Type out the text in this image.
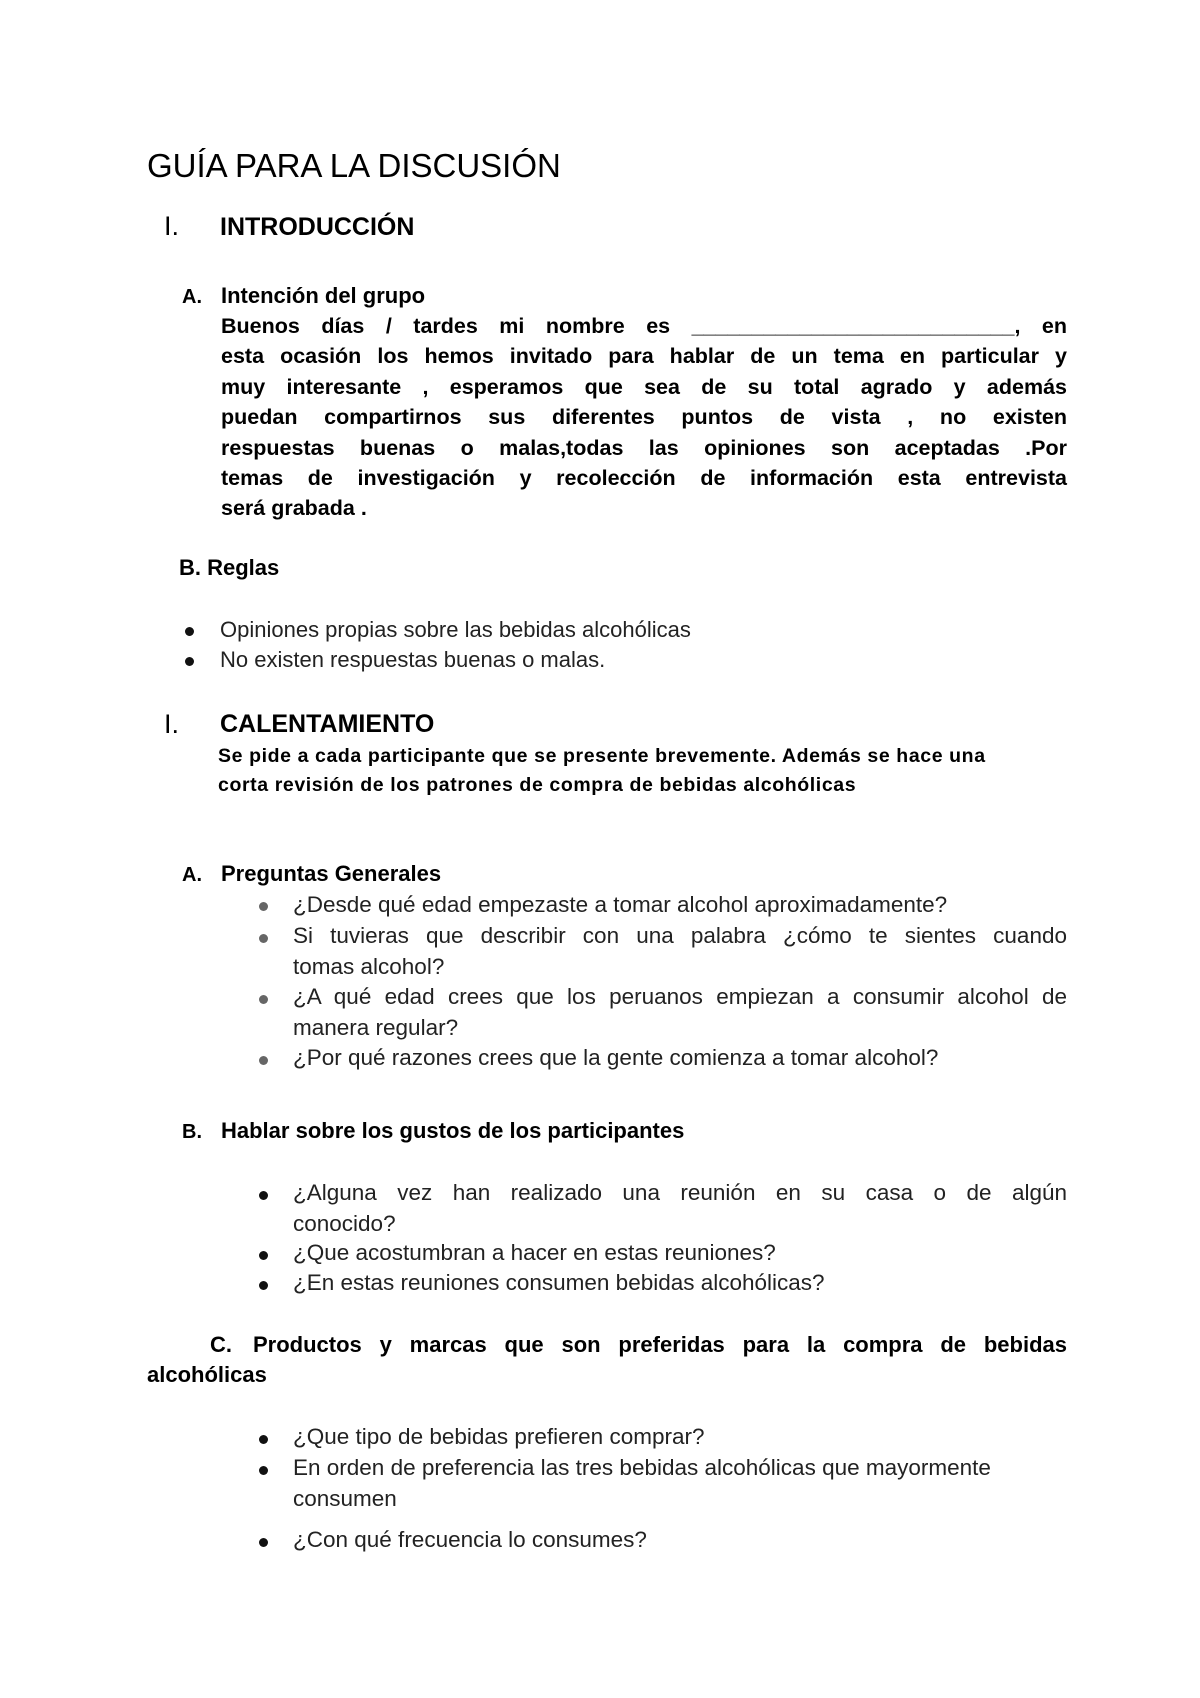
GUÍA PARA LA DISCUSIÓN
I. INTRODUCCIÓN
A. Intención del grupo
Buenos días / tardes mi nombre es ___________________________, en
esta ocasión los hemos invitado para hablar de un tema en particular y
muy interesante , esperamos que sea de su total agrado y además
puedan compartirnos sus diferentes puntos de vista , no existen
respuestas buenas o malas,todas las opiniones son aceptadas .Por
temas de investigación y recolección de información esta entrevista
será grabada .
B. Reglas
Opiniones propias sobre las bebidas alcohólicas
No existen respuestas buenas o malas.
I. CALENTAMIENTO
Se pide a cada participante que se presente brevemente. Además se hace una
corta revisión de los patrones de compra de bebidas alcohólicas
A. Preguntas Generales
¿Desde qué edad empezaste a tomar alcohol aproximadamente?
Si tuvieras que describir con una palabra ¿cómo te sientes cuando
tomas alcohol?
¿A qué edad crees que los peruanos empiezan a consumir alcohol de
manera regular?
¿Por qué razones crees que la gente comienza a tomar alcohol?
B. Hablar sobre los gustos de los participantes
¿Alguna vez han realizado una reunión en su casa o de algún
conocido?
¿Que acostumbran a hacer en estas reuniones?
¿En estas reuniones consumen bebidas alcohólicas?
C. Productos y marcas que son preferidas para la compra de bebidas
alcohólicas
¿Que tipo de bebidas prefieren comprar?
En orden de preferencia las tres bebidas alcohólicas que mayormente
consumen
¿Con qué frecuencia lo consumes?
